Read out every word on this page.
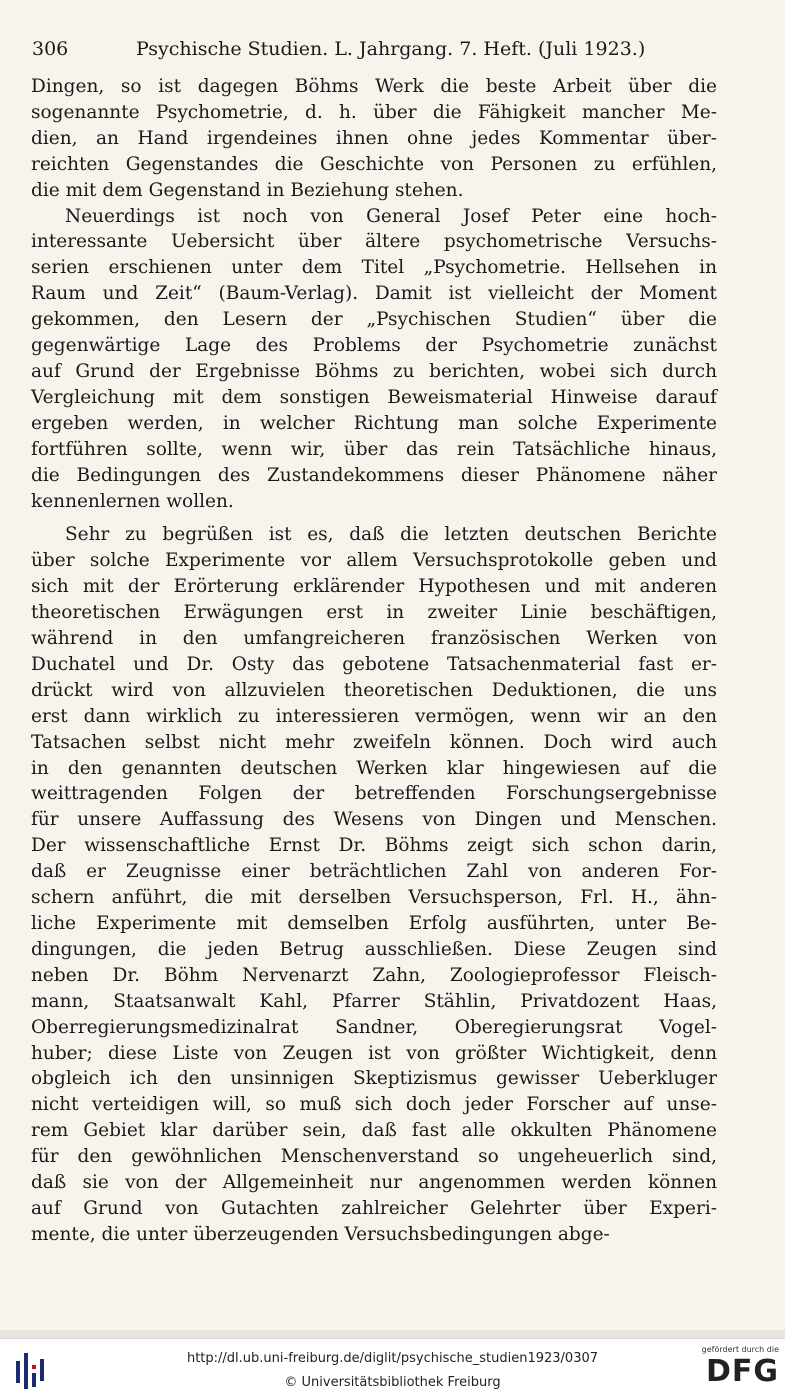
306	Psychische Studien. L. Jahrgang. 7. Heft. (Juli 1923.)

Dingen, so ist dagegen Böhms Werk die beste Arbeit über die
sogenannte Psychometrie, d. h. über die Fähigkeit mancher Me-
dien, an Hand irgendeines ihnen ohne jedes Kommentar über-
reichten Gegenstandes die Geschichte von Personen zu erfühlen,
die mit dem Gegenstand in Beziehung stehen.

Neuerdings ist noch von General Josef Peter eine hoch-
interessante Uebersicht über ältere psychometrische Versuchs-
serien erschienen unter dem Titel „Psychometrie. Hellsehen in
Raum und Zeit“ (Baum-Verlag). Damit ist vielleicht der Moment
gekommen, den Lesern der „Psychischen Studien“ über die
gegenwärtige Lage des Problems der Psychometrie zunächst
auf Grund der Ergebnisse Böhms zu berichten, wobei sich durch
Vergleichung mit dem sonstigen Beweismaterial Hinweise darauf
ergeben werden, in welcher Richtung man solche Experimente
fortführen sollte, wenn wir, über das rein Tatsächliche hinaus,
die Bedingungen des Zustandekommens dieser Phänomene näher
kennenlernen wollen.

Sehr zu begrüßen ist es, daß die letzten deutschen Berichte
über solche Experimente vor allem Versuchsprotokolle geben und
sich mit der Erörterung erklärender Hypothesen und mit anderen
theoretischen Erwägungen erst in zweiter Linie beschäftigen,
während in den umfangreicheren französischen Werken von
Duchatel und Dr. Osty das gebotene Tatsachenmaterial fast er-
drückt wird von allzuvielen theoretischen Deduktionen, die uns
erst dann wirklich zu interessieren vermögen, wenn wir an den
Tatsachen selbst nicht mehr zweifeln können. Doch wird auch
in den genannten deutschen Werken klar hingewiesen auf die
weittragenden Folgen der betreffenden Forschungsergebnisse
für unsere Auffassung des Wesens von Dingen und Menschen.
Der wissenschaftliche Ernst Dr. Böhms zeigt sich schon darin,
daß er Zeugnisse einer beträchtlichen Zahl von anderen For-
schern anführt, die mit derselben Versuchsperson, Frl. H., ähn-
liche Experimente mit demselben Erfolg ausführten, unter Be-
dingungen, die jeden Betrug ausschließen. Diese Zeugen sind
neben Dr. Böhm Nervenarzt Zahn, Zoologieprofessor Fleisch-
mann, Staatsanwalt Kahl, Pfarrer Stählin, Privatdozent Haas,
Oberregierungsmedizinalrat Sandner, Oberegierungsrat Vogel-
huber; diese Liste von Zeugen ist von größter Wichtigkeit, denn
obgleich ich den unsinnigen Skeptizismus gewisser Ueberkluger
nicht verteidigen will, so muß sich doch jeder Forscher auf unse-
rem Gebiet klar darüber sein, daß fast alle okkulten Phänomene
für den gewöhnlichen Menschenverstand so ungeheuerlich sind,
daß sie von der Allgemeinheit nur angenommen werden können
auf Grund von Gutachten zahlreicher Gelehrter über Experi-
mente, die unter überzeugenden Versuchsbedingungen abge-

http://dl.ub.uni-freiburg.de/diglit/psychische_studien1923/0307
© Universitätsbibliothek Freiburg
gefördert durch die
DFG
